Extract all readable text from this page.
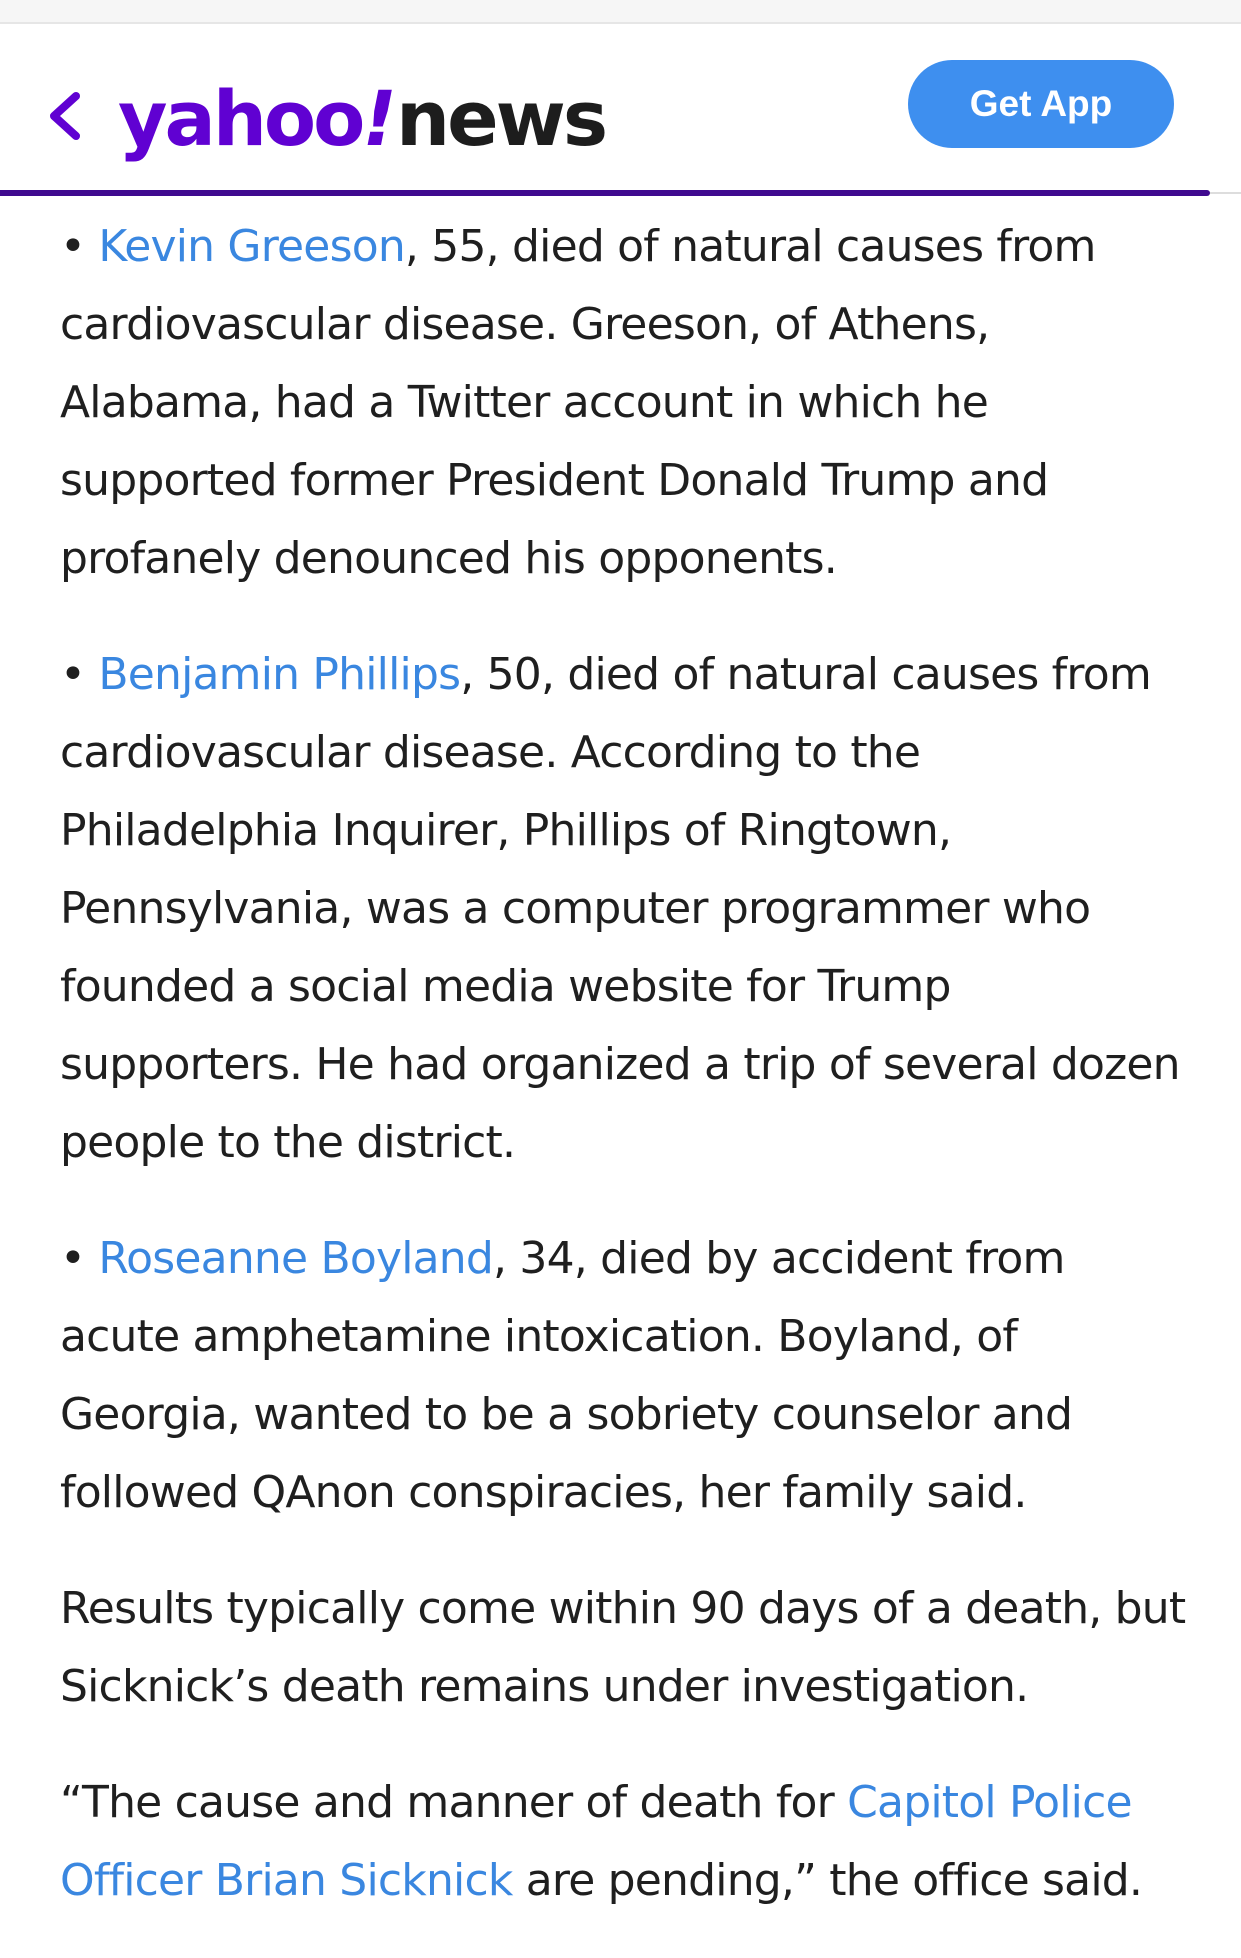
yahoo ! news	Get App

• Kevin Greeson, 55, died of natural causes from cardiovascular disease. Greeson, of Athens, Alabama, had a Twitter account in which he supported former President Donald Trump and profanely denounced his opponents.

• Benjamin Phillips, 50, died of natural causes from cardiovascular disease. According to the Philadelphia Inquirer, Phillips of Ringtown, Pennsylvania, was a computer programmer who founded a social media website for Trump supporters. He had organized a trip of several dozen people to the district.

• Roseanne Boyland, 34, died by accident from acute amphetamine intoxication. Boyland, of Georgia, wanted to be a sobriety counselor and followed QAnon conspiracies, her family said.

Results typically come within 90 days of a death, but Sicknick’s death remains under investigation.

“The cause and manner of death for Capitol Police Officer Brian Sicknick are pending,” the office said.
